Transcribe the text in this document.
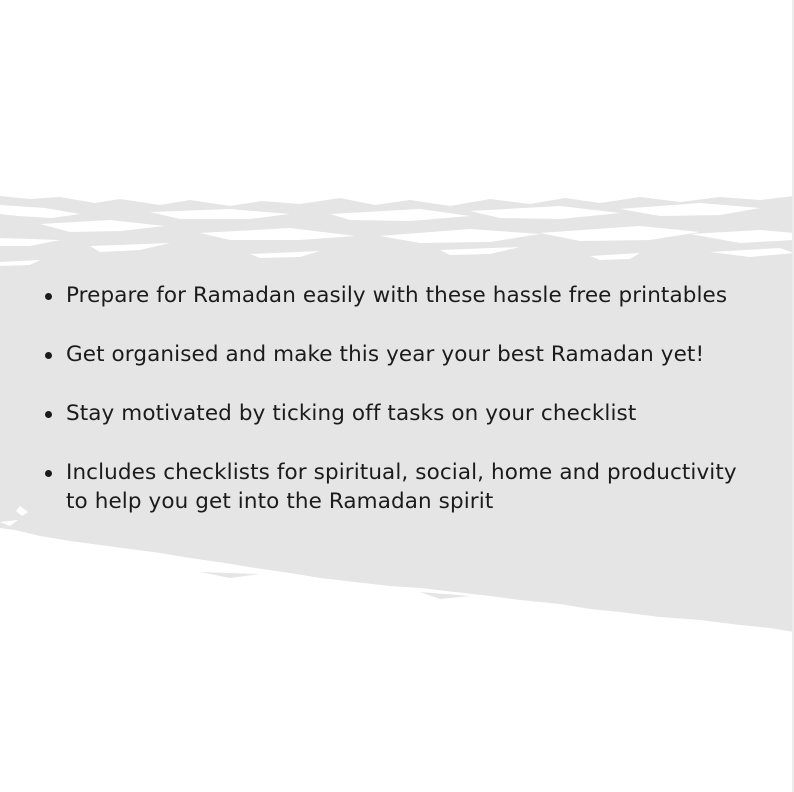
Prepare for Ramadan easily with these hassle free printables
Get organised and make this year your best Ramadan yet!
Stay motivated by ticking off tasks on your checklist
Includes checklists for spiritual, social, home and productivity to help you get into the Ramadan spirit
